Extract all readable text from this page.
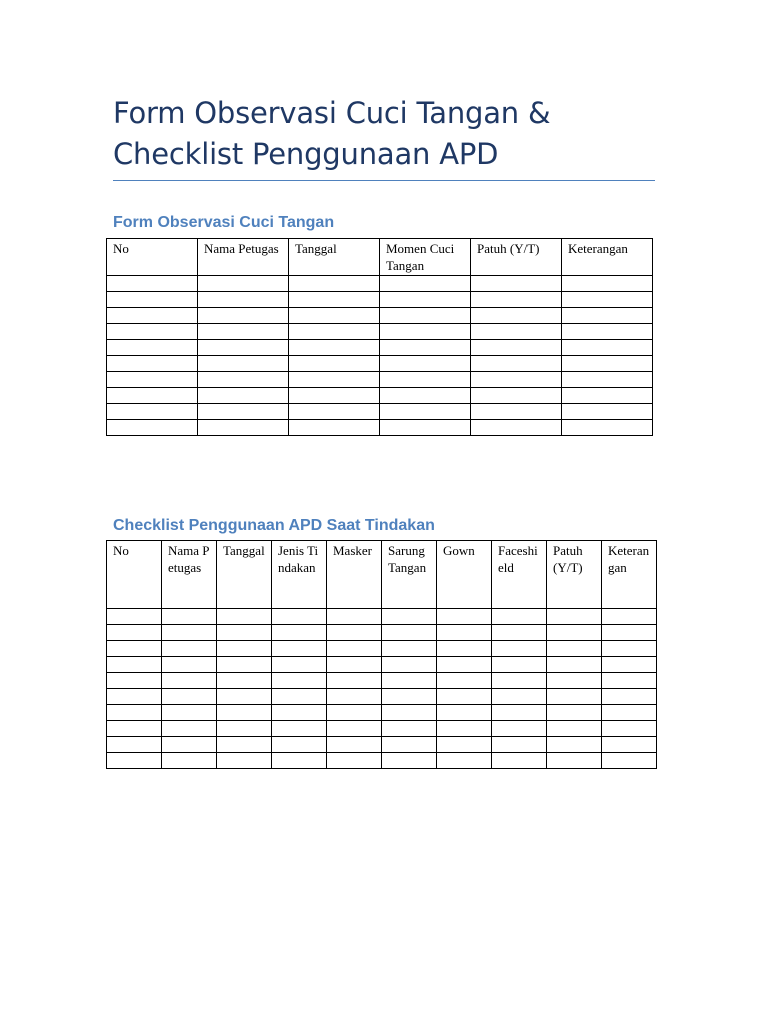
Form Observasi Cuci Tangan & Checklist Penggunaan APD
Form Observasi Cuci Tangan
No	Nama Petugas	Tanggal	Momen Cuci Tangan	Patuh (Y/T)	Keterangan

Checklist Penggunaan APD Saat Tindakan
No	Nama Petugas	Tanggal	Jenis Tindakan	Masker	Sarung Tangan	Gown	Faceshield	Patuh (Y/T)	Keterangan
